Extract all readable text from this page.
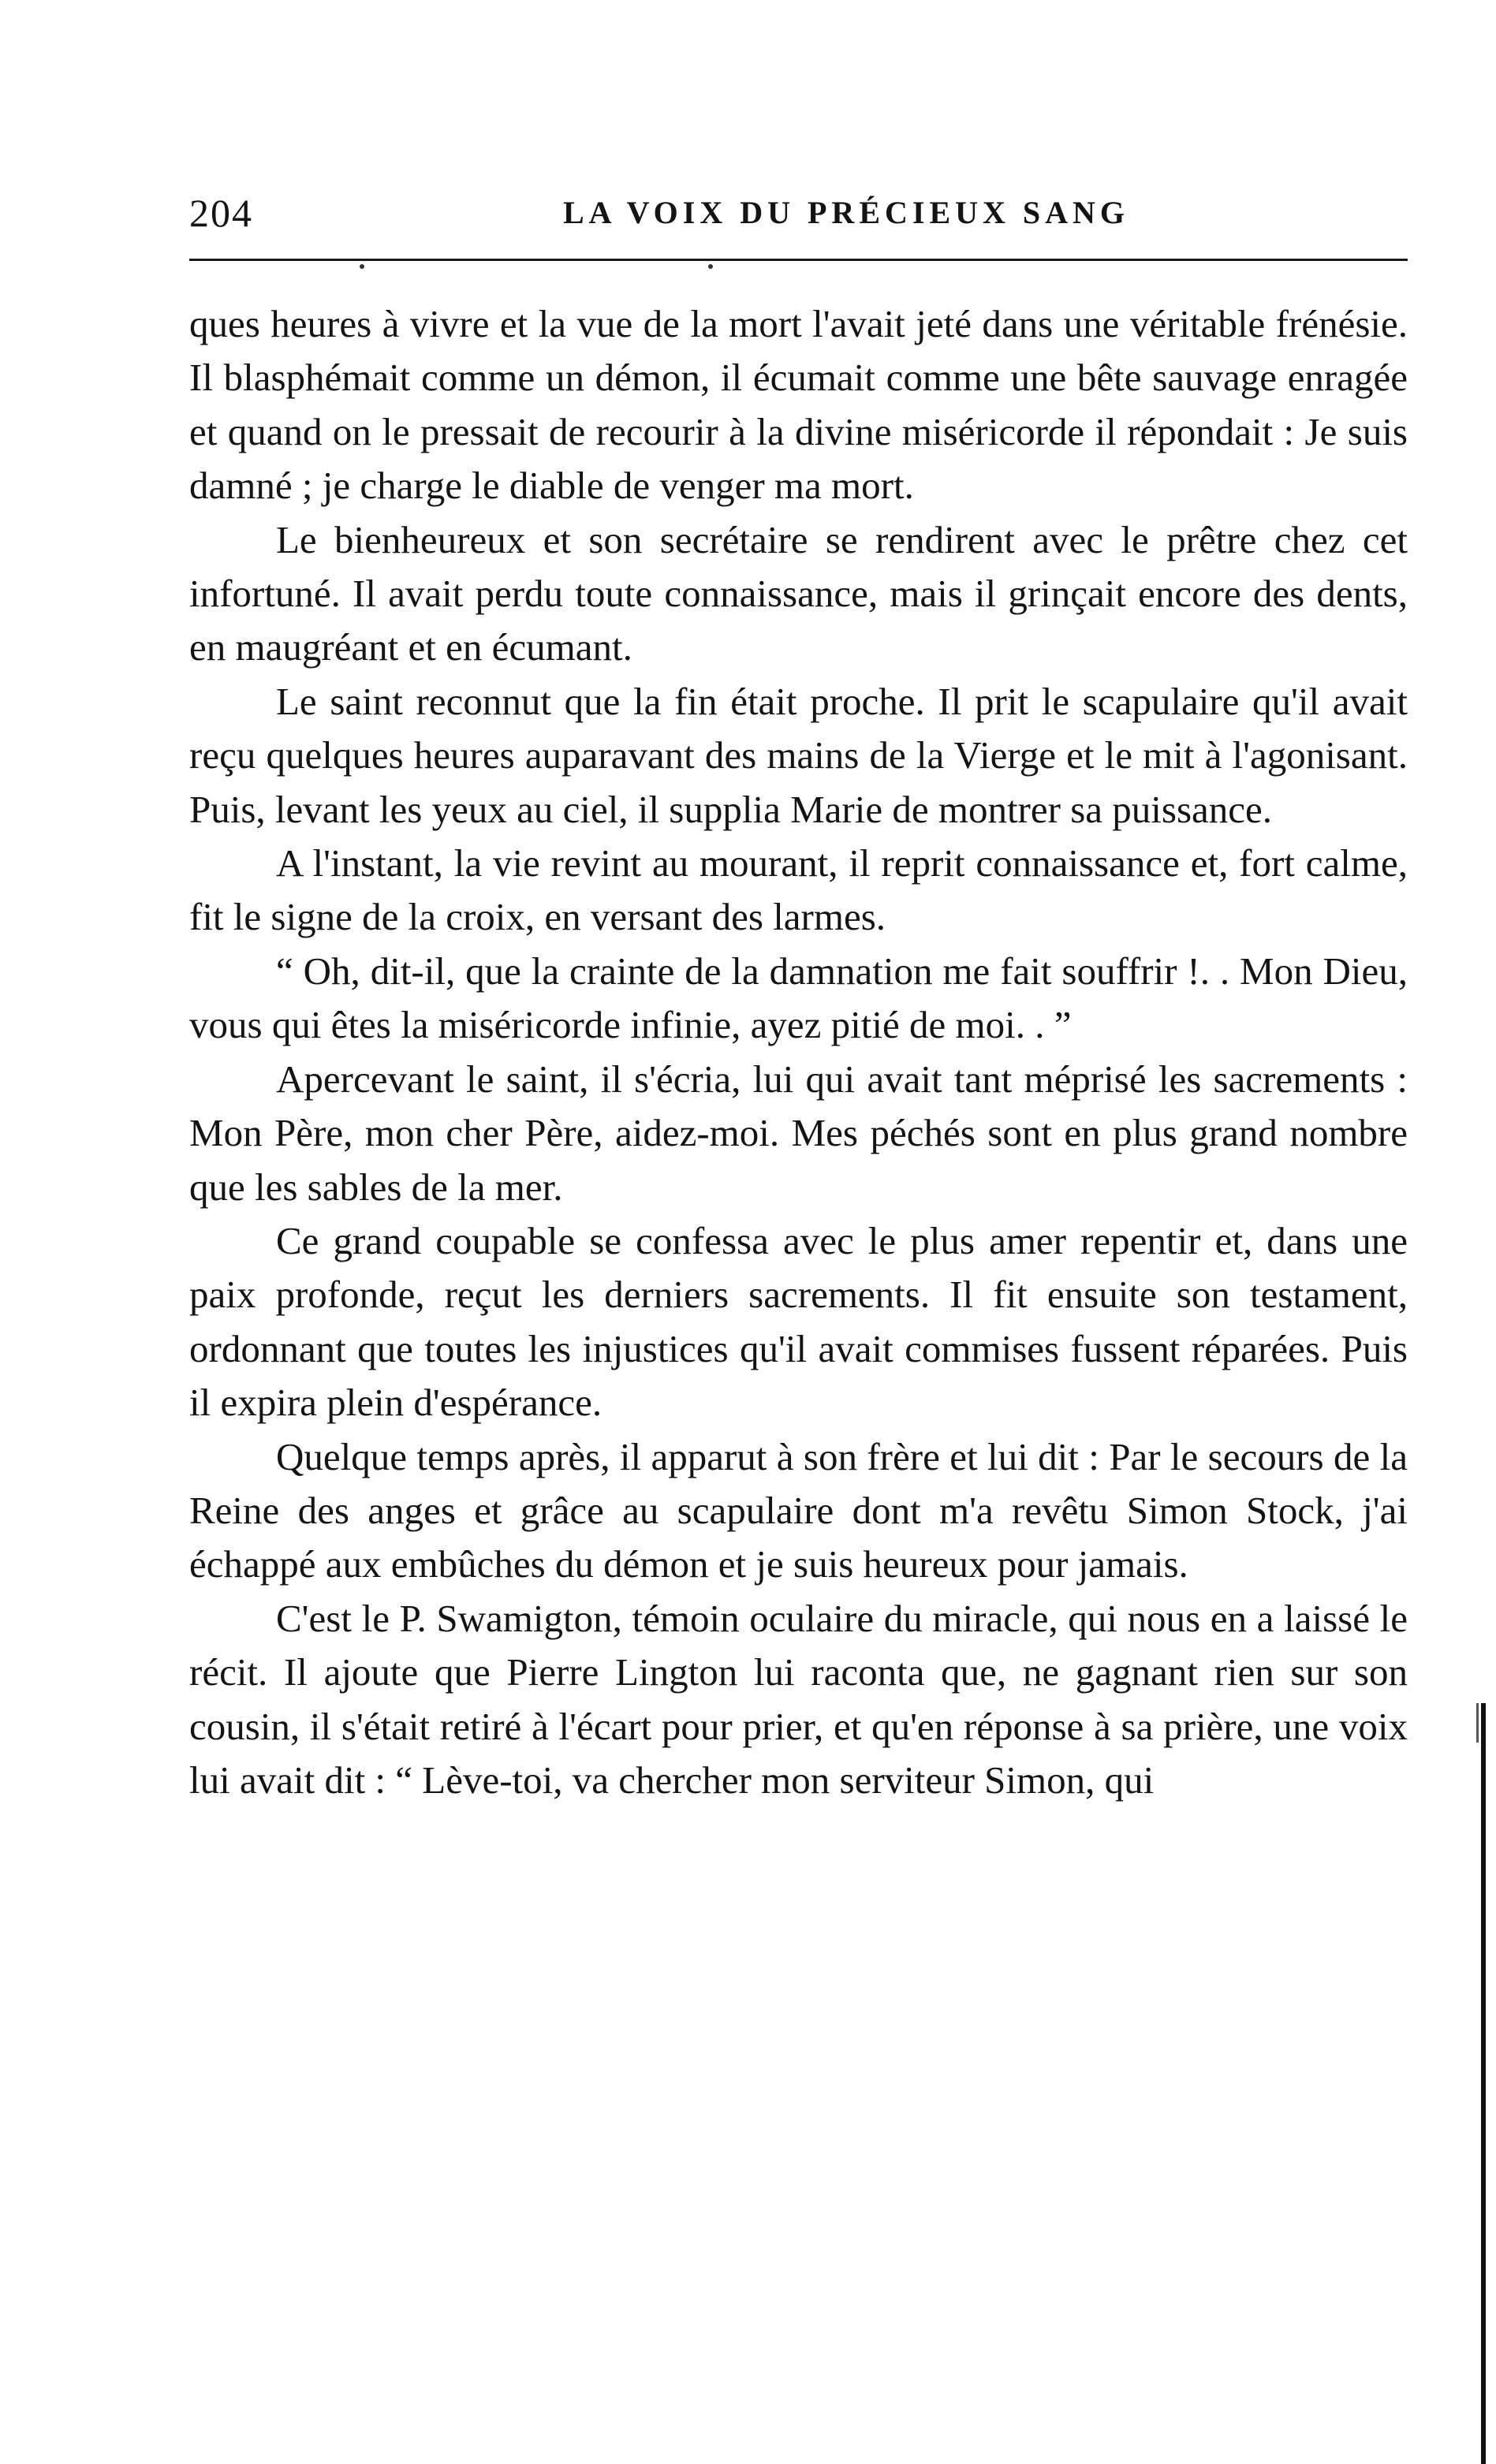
204	LA VOIX DU PRÉCIEUX SANG

ques heures à vivre et la vue de la mort l'avait jeté dans une véritable frénésie. Il blasphémait comme un démon, il écumait comme une bête sauvage enragée et quand on le pressait de recourir à la divine miséricorde il répondait : Je suis damné ; je charge le diable de venger ma mort.

Le bienheureux et son secrétaire se rendirent avec le prêtre chez cet infortuné. Il avait perdu toute connaissance, mais il grinçait encore des dents, en maugréant et en écumant.

Le saint reconnut que la fin était proche. Il prit le scapulaire qu'il avait reçu quelques heures auparavant des mains de la Vierge et le mit à l'agonisant. Puis, levant les yeux au ciel, il supplia Marie de montrer sa puissance.

A l'instant, la vie revint au mourant, il reprit connaissance et, fort calme, fit le signe de la croix, en versant des larmes.

“ Oh, dit-il, que la crainte de la damnation me fait souffrir !. . Mon Dieu, vous qui êtes la miséricorde infinie, ayez pitié de moi. . ”

Apercevant le saint, il s'écria, lui qui avait tant méprisé les sacrements : Mon Père, mon cher Père, aidez-moi. Mes péchés sont en plus grand nombre que les sables de la mer.

Ce grand coupable se confessa avec le plus amer repentir et, dans une paix profonde, reçut les derniers sacrements. Il fit ensuite son testament, ordonnant que toutes les injustices qu'il avait commises fussent réparées. Puis il expira plein d'espérance.

Quelque temps après, il apparut à son frère et lui dit : Par le secours de la Reine des anges et grâce au scapulaire dont m'a revêtu Simon Stock, j'ai échappé aux embûches du démon et je suis heureux pour jamais.

C'est le P. Swamigton, témoin oculaire du miracle, qui nous en a laissé le récit. Il ajoute que Pierre Lington lui raconta que, ne gagnant rien sur son cousin, il s'était retiré à l'écart pour prier, et qu'en réponse à sa prière, une voix lui avait dit : “ Lève-toi, va chercher mon serviteur Simon, qui
